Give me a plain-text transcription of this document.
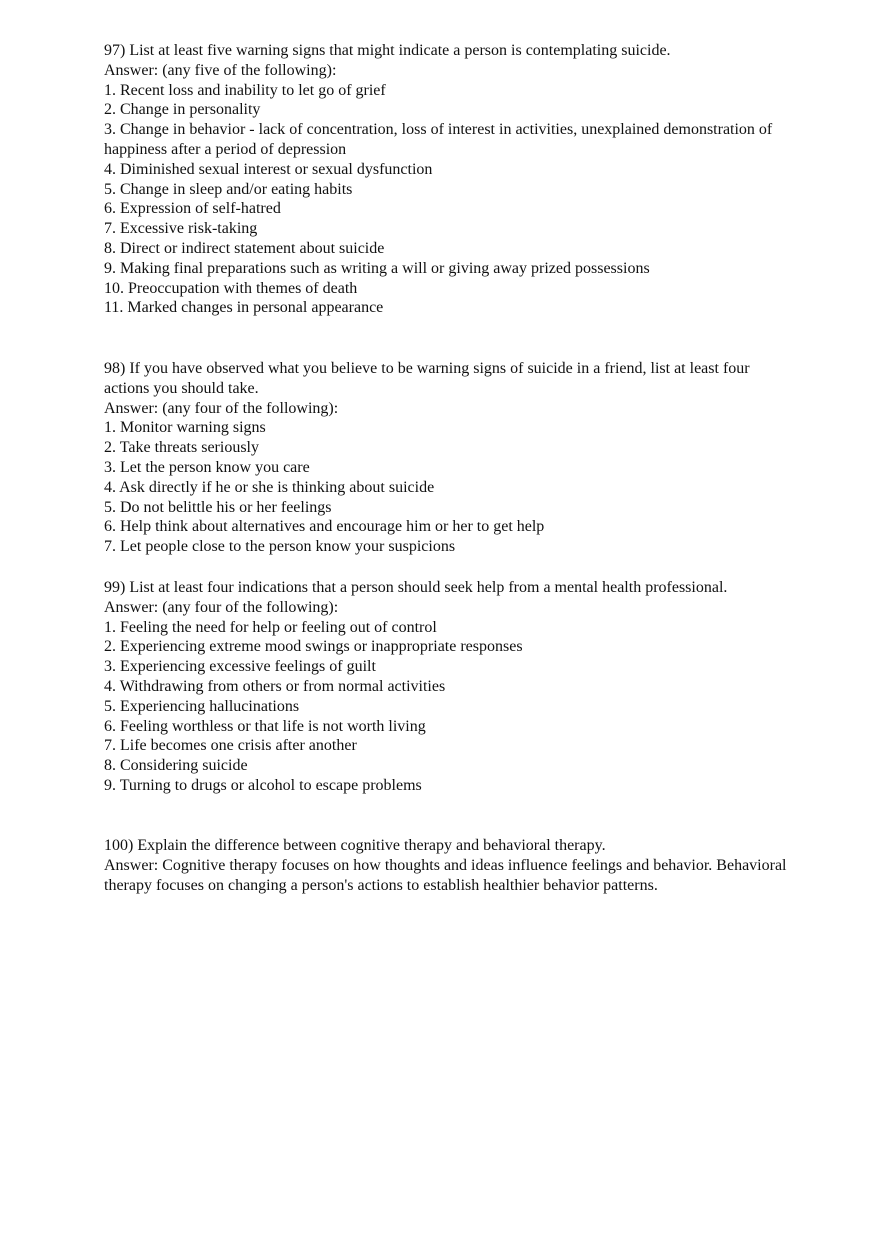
97) List at least five warning signs that might indicate a person is contemplating suicide.
Answer: (any five of the following):
1. Recent loss and inability to let go of grief
2. Change in personality
3. Change in behavior - lack of concentration, loss of interest in activities, unexplained demonstration of happiness after a period of depression
4. Diminished sexual interest or sexual dysfunction
5. Change in sleep and/or eating habits
6. Expression of self-hatred
7. Excessive risk-taking
8. Direct or indirect statement about suicide
9. Making final preparations such as writing a will or giving away prized possessions
10. Preoccupation with themes of death
11. Marked changes in personal appearance
98) If you have observed what you believe to be warning signs of suicide in a friend, list at least four actions you should take.
Answer: (any four of the following):
1. Monitor warning signs
2. Take threats seriously
3. Let the person know you care
4. Ask directly if he or she is thinking about suicide
5. Do not belittle his or her feelings
6. Help think about alternatives and encourage him or her to get help
7. Let people close to the person know your suspicions
99) List at least four indications that a person should seek help from a mental health professional.
Answer: (any four of the following):
1. Feeling the need for help or feeling out of control
2. Experiencing extreme mood swings or inappropriate responses
3. Experiencing excessive feelings of guilt
4. Withdrawing from others or from normal activities
5. Experiencing hallucinations
6. Feeling worthless or that life is not worth living
7. Life becomes one crisis after another
8. Considering suicide
9. Turning to drugs or alcohol to escape problems
100) Explain the difference between cognitive therapy and behavioral therapy.
Answer: Cognitive therapy focuses on how thoughts and ideas influence feelings and behavior. Behavioral therapy focuses on changing a person's actions to establish healthier behavior patterns.
